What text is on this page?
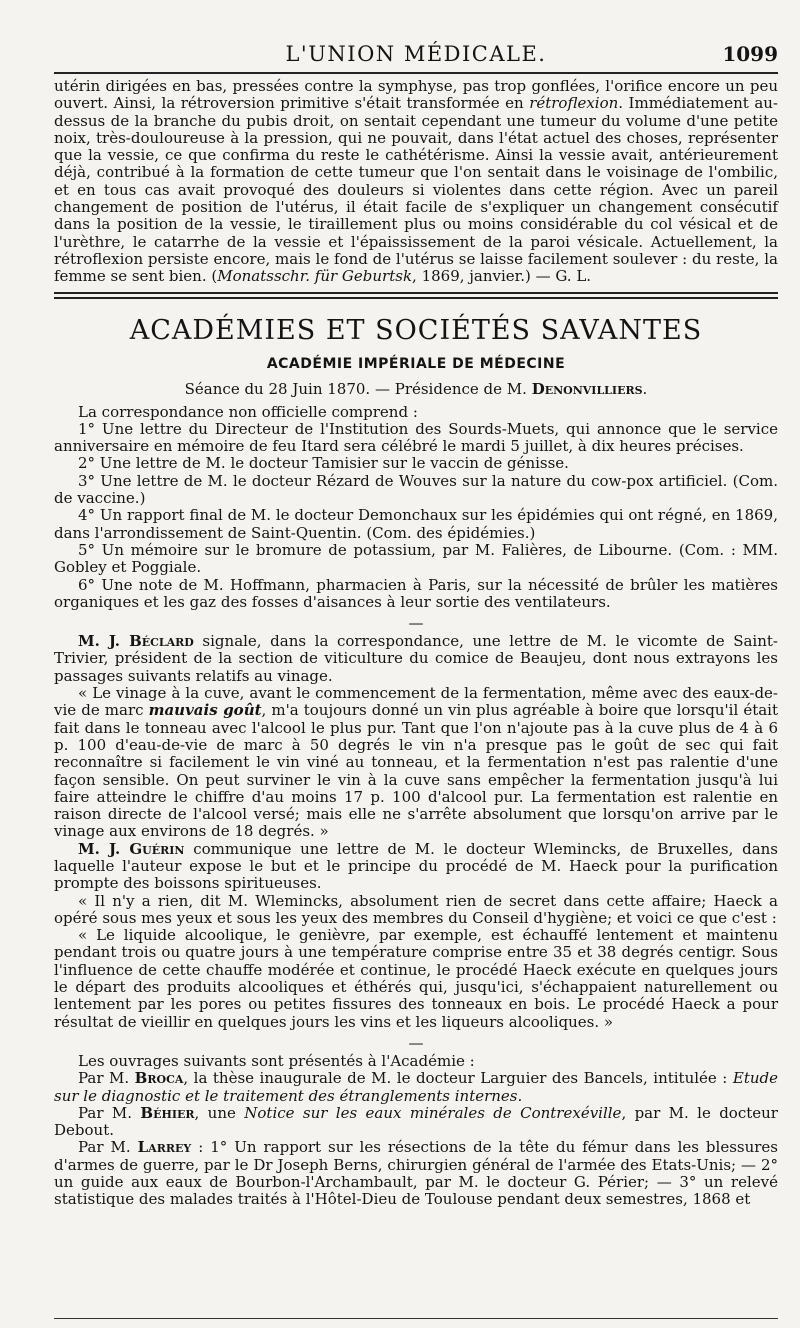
L'UNION MÉDICALE.	1099

utérin dirigées en bas, pressées contre la symphyse, pas trop gonflées, l'orifice encore un peu ouvert. Ainsi, la rétroversion primitive s'était transformée en rétroflexion. Immédiatement au-dessus de la branche du pubis droit, on sentait cependant une tumeur du volume d'une petite noix, très-douloureuse à la pression, qui ne pouvait, dans l'état actuel des choses, représenter que la vessie, ce que confirma du reste le cathétérisme. Ainsi la vessie avait, antérieurement déjà, contribué à la formation de cette tumeur que l'on sentait dans le voisinage de l'ombilic, et en tous cas avait provoqué des douleurs si violentes dans cette région. Avec un pareil changement de position de l'utérus, il était facile de s'expliquer un changement consécutif dans la position de la vessie, le tiraillement plus ou moins considérable du col vésical et de l'urèthre, le catarrhe de la vessie et l'épaississement de la paroi vésicale. Actuellement, la rétroflexion persiste encore, mais le fond de l'utérus se laisse facilement soulever : du reste, la femme se sent bien. (Monatsschr. für Geburtsk, 1869, janvier.) — G. L.

ACADÉMIES ET SOCIÉTÉS SAVANTES
ACADÉMIE IMPÉRIALE DE MÉDECINE
Séance du 28 Juin 1870. — Présidence de M. Denonvilliers.

La correspondance non officielle comprend :

1° Une lettre du Directeur de l'Institution des Sourds-Muets, qui annonce que le service anniversaire en mémoire de feu Itard sera célébré le mardi 5 juillet, à dix heures précises.

2° Une lettre de M. le docteur Tamisier sur le vaccin de génisse.

3° Une lettre de M. le docteur Rézard de Wouves sur la nature du cow-pox artificiel. (Com. de vaccine.)

4° Un rapport final de M. le docteur Demonchaux sur les épidémies qui ont régné, en 1869, dans l'arrondissement de Saint-Quentin. (Com. des épidémies.)

5° Un mémoire sur le bromure de potassium, par M. Falières, de Libourne. (Com. : MM. Gobley et Poggiale.

6° Une note de M. Hoffmann, pharmacien à Paris, sur la nécessité de brûler les matières organiques et les gaz des fosses d'aisances à leur sortie des ventilateurs.

—

M. J. Béclard signale, dans la correspondance, une lettre de M. le vicomte de Saint-Trivier, président de la section de viticulture du comice de Beaujeu, dont nous extrayons les passages suivants relatifs au vinage.

« Le vinage à la cuve, avant le commencement de la fermentation, même avec des eaux-de-vie de marc mauvais goût, m'a toujours donné un vin plus agréable à boire que lorsqu'il était fait dans le tonneau avec l'alcool le plus pur. Tant que l'on n'ajoute pas à la cuve plus de 4 à 6 p. 100 d'eau-de-vie de marc à 50 degrés le vin n'a presque pas le goût de sec qui fait reconnaître si facilement le vin viné au tonneau, et la fermentation n'est pas ralentie d'une façon sensible. On peut surviner le vin à la cuve sans empêcher la fermentation jusqu'à lui faire atteindre le chiffre d'au moins 17 p. 100 d'alcool pur. La fermentation est ralentie en raison directe de l'alcool versé; mais elle ne s'arrête absolument que lorsqu'on arrive par le vinage aux environs de 18 degrés. »

M. J. Guérin communique une lettre de M. le docteur Wlemincks, de Bruxelles, dans laquelle l'auteur expose le but et le principe du procédé de M. Haeck pour la purification prompte des boissons spiritueuses.

« Il n'y a rien, dit M. Wlemincks, absolument rien de secret dans cette affaire; Haeck a opéré sous mes yeux et sous les yeux des membres du Conseil d'hygiène; et voici ce que c'est :

« Le liquide alcoolique, le genièvre, par exemple, est échauffé lentement et maintenu pendant trois ou quatre jours à une température comprise entre 35 et 38 degrés centigr. Sous l'influence de cette chauffe modérée et continue, le procédé Haeck exécute en quelques jours le départ des produits alcooliques et éthérés qui, jusqu'ici, s'échappaient naturellement ou lentement par les pores ou petites fissures des tonneaux en bois. Le procédé Haeck a pour résultat de vieillir en quelques jours les vins et les liqueurs alcooliques. »

—

Les ouvrages suivants sont présentés à l'Académie :

Par M. Broca, la thèse inaugurale de M. le docteur Larguier des Bancels, intitulée : Etude sur le diagnostic et le traitement des étranglements internes.

Par M. Béhier, une Notice sur les eaux minérales de Contrexéville, par M. le docteur Debout.

Par M. Larrey : 1° Un rapport sur les résections de la tête du fémur dans les blessures d'armes de guerre, par le Dr Joseph Berns, chirurgien général de l'armée des Etats-Unis; — 2° un guide aux eaux de Bourbon-l'Archambault, par M. le docteur G. Périer; — 3° un relevé statistique des malades traités à l'Hôtel-Dieu de Toulouse pendant deux semestres, 1868 et
